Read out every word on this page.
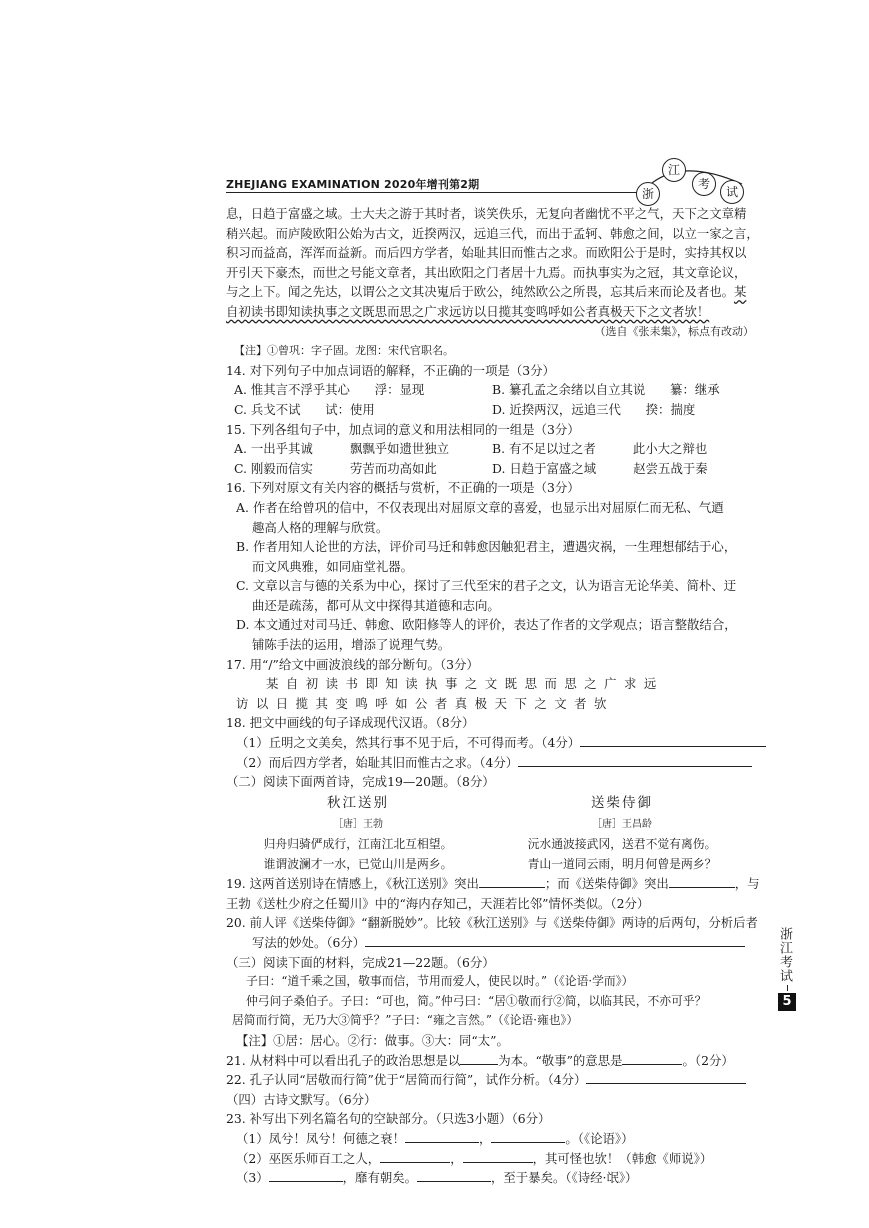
ZHEJIANG EXAMINATION 2020年增刊第2期
浙
江
考
试

息，日趋于富盛之域。士大夫之游于其时者，谈笑佚乐，无复向者幽忧不平之气，天下之文章精

稍兴起。而庐陵欧阳公始为古文，近揆两汉，远追三代，而出于孟轲、韩愈之间，以立一家之言，

积习而益高，浑浑而益新。而后四方学者，始耻其旧而惟古之求。而欧阳公于是时，实持其权以

开引天下豪杰，而世之号能文章者，其出欧阳之门者居十九焉。而执事实为之冠，其文章论议，

与之上下。闻之先达，以谓公之文其决嵬后于欧公，纯然欧公之所畏，忘其后来而论及者也。某

自初读书即知读执事之文既思而思之广求远访以日揽其变鸣呼如公者真极天下之文者欤！

（选自《张耒集》，标点有改动）

【注】①曾巩：字子固。龙图：宋代官职名。

14. 对下列句子中加点词语的解释，不正确的一项是（3分）

A. 惟其言不浮乎其心　　浮：显现	B. 纂孔孟之余绪以自立其说　　纂：继承
C. 兵戈不试　　试：使用	D. 近揆两汉，远追三代　　揆：揣度

15. 下列各组句子中，加点词的意义和用法相同的一组是（3分）

A. 一出乎其诚　　　飘飘乎如遗世独立	B. 有不足以过之者　　　此小大之辩也
C. 刚毅而信实　　　劳苦而功高如此	D. 日趋于富盛之域　　　赵尝五战于秦

16. 下列对原文有关内容的概括与赏析，不正确的一项是（3分）

A. 作者在给曾巩的信中，不仅表现出对屈原文章的喜爱，也显示出对屈原仁而无私、气逎
趣高人格的理解与欣赏。
B. 作者用知人论世的方法，评价司马迁和韩愈因触犯君主，遭遇灾祸，一生理想郁结于心，
而文风典雅，如同庙堂礼器。
C. 文章以言与德的关系为中心，探讨了三代至宋的君子之文，认为语言无论华美、简朴、迂
曲还是疏荡，都可从文中探得其道德和志向。
D. 本文通过对司马迁、韩愈、欧阳修等人的评价，表达了作者的文学观点；语言整散结合，
铺陈手法的运用，增添了说理气势。

17. 用“/”给文中画波浪线的部分断句。（3分）

某自初读书即知读执事之文既思而思之广求远
访以日揽其变鸣呼如公者真极天下之文者欤

18. 把文中画线的句子译成现代汉语。（8分）

（1）丘明之文美矣，然其行事不见于后，不可得而考。（4分）
（2）而后四方学者，始耻其旧而惟古之求。（4分）

（二）阅读下面两首诗，完成19—20题。（8分）

秋江送别
［唐］王勃
归舟归骑俨成行，江南江北互相望。
谁谓波澜才一水，已觉山川是两乡。
送柴侍御
［唐］王昌龄
沅水通波接武冈，送君不觉有离伤。
青山一道同云雨，明月何曾是两乡？

19. 这两首送别诗在情感上，《秋江送别》突出	；而《送柴侍御》突出	，与

王勃《送杜少府之任蜀川》中的“海内存知己，天涯若比邻”情怀类似。（2分）

20. 前人评《送柴侍御》“翻新脱妙”。比较《秋江送别》与《送柴侍御》两诗的后两句，分析后者

写法的妙处。（6分）

（三）阅读下面的材料，完成21—22题。（6分）

子曰：“道千乘之国，敬事而信，节用而爱人，使民以时。”（《论语·学而》）
仲弓问子桑伯子。子曰：“可也，简。”仲弓曰：“居①敬而行②简，以临其民，不亦可乎？
居简而行简，无乃大③简乎？”子曰：“雍之言然。”（《论语·雍也》）
【注】①居：居心。②行：做事。③大：同“太”。

21. 从材料中可以看出孔子的政治思想是以	为本。“敬事”的意思是	。（2分）

22. 孔子认同“居敬而行简”优于“居简而行简”，试作分析。（4分）

（四）古诗文默写。（6分）

23. 补写出下列名篇名句的空缺部分。（只选3小题）（6分）

（1）凤兮！凤兮！何德之衰！	，	。（《论语》）
（2）巫医乐师百工之人，	，	，其可怪也欤！（韩愈《师说》）
（3）	，靡有朝矣。	，至于暴矣。（《诗经·氓》）
浙江考试
5
